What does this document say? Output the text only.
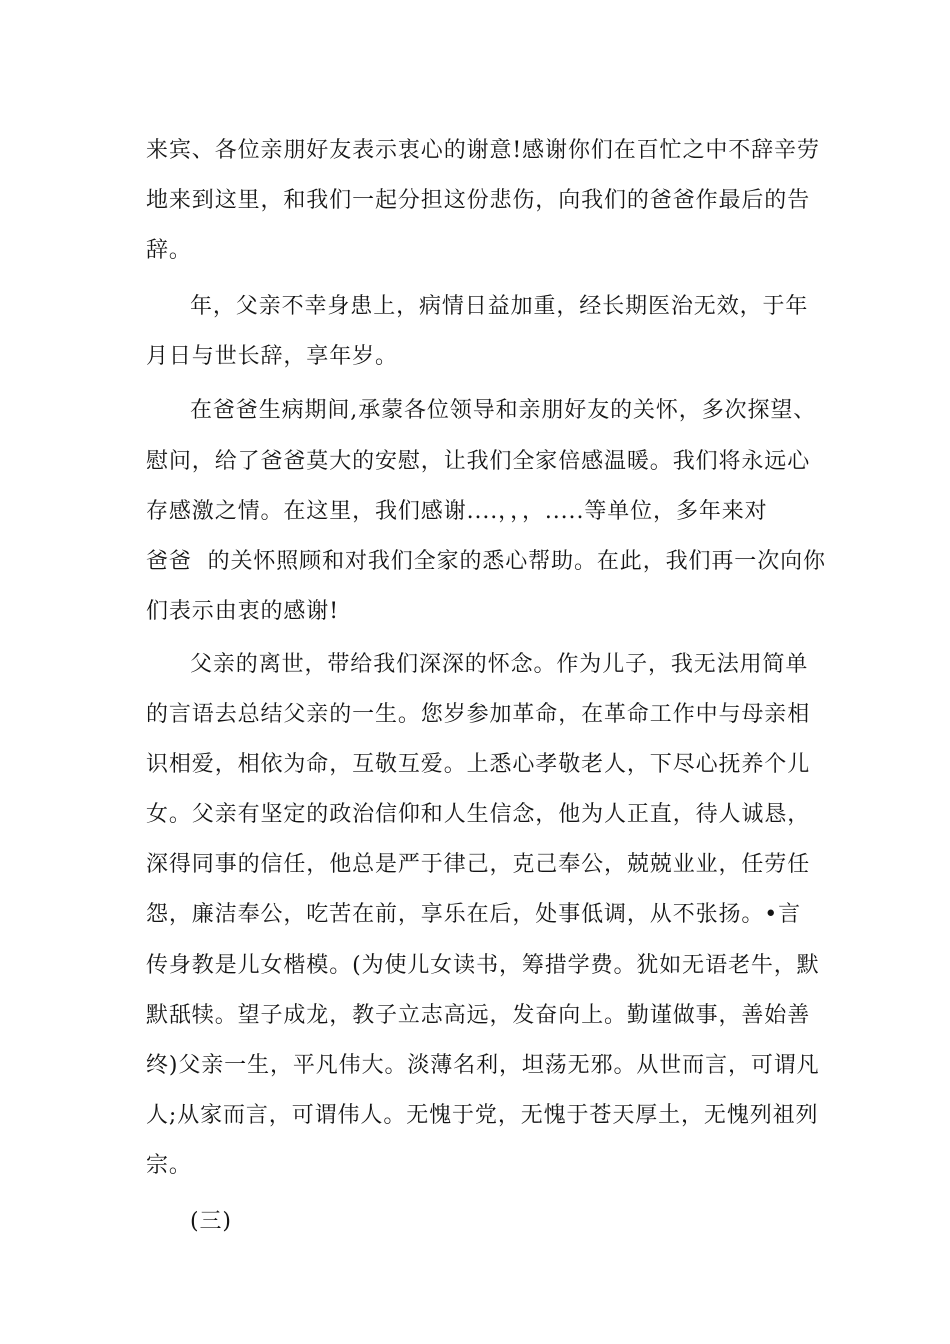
来宾、各位亲朋好友表示衷心的谢意!感谢你们在百忙之中不辞辛劳

地来到这里，和我们一起分担这份悲伤，向我们的爸爸作最后的告

辞。

年，父亲不幸身患上，病情日益加重，经长期医治无效，于年

月日与世长辞，享年岁。

在爸爸生病期间,承蒙各位领导和亲朋好友的关怀，多次探望、

慰问，给了爸爸莫大的安慰，让我们全家倍感温暖。我们将永远心

存感激之情。在这里，我们感谢....，，，.....等单位，多年来对

爸爸  的关怀照顾和对我们全家的悉心帮助。在此，我们再一次向你

们表示由衷的感谢!

父亲的离世，带给我们深深的怀念。作为儿子，我无法用简单

的言语去总结父亲的一生。您岁参加革命，在革命工作中与母亲相

识相爱，相依为命，互敬互爱。上悉心孝敬老人，下尽心抚养个儿

女。父亲有坚定的政治信仰和人生信念，他为人正直，待人诚恳，

深得同事的信任，他总是严于律己，克己奉公，兢兢业业，任劳任

怨，廉洁奉公，吃苦在前，享乐在后，处事低调，从不张扬。•言

传身教是儿女楷模。(为使儿女读书，筹措学费。犹如无语老牛，默

默舐犊。望子成龙，教子立志高远，发奋向上。勤谨做事，善始善

终)父亲一生，平凡伟大。淡薄名利，坦荡无邪。从世而言，可谓凡

人;从家而言，可谓伟人。无愧于党，无愧于苍天厚土，无愧列祖列

宗。

(三)
